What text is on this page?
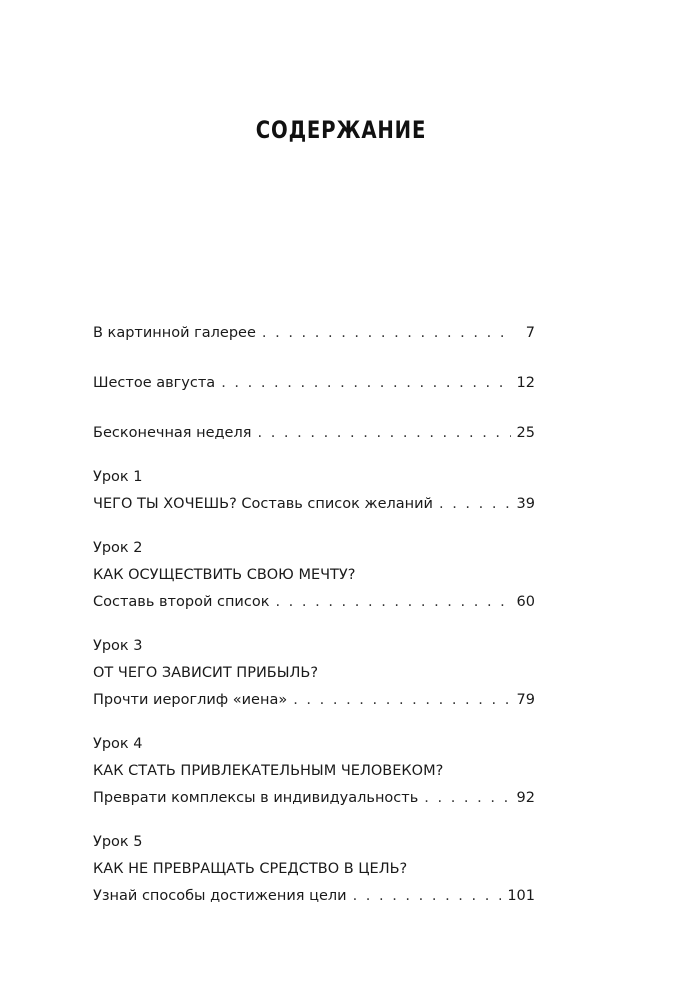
СОДЕРЖАНИЕ
В картинной галерее . . .	7
Шестое августа . . .	12
Бесконечная неделя . . .	25
Урок 1
ЧЕГО ТЫ ХОЧЕШЬ? Составь список желаний . . .	39
Урок 2
КАК ОСУЩЕСТВИТЬ СВОЮ МЕЧТУ?
Составь второй список . . .	60
Урок 3
ОТ ЧЕГО ЗАВИСИТ ПРИБЫЛЬ?
Прочти иероглиф «иена» . . .	79
Урок 4
КАК СТАТЬ ПРИВЛЕКАТЕЛЬНЫМ ЧЕЛОВЕКОМ?
Преврати комплексы в индивидуальность . . .	92
Урок 5
КАК НЕ ПРЕВРАЩАТЬ СРЕДСТВО В ЦЕЛЬ?
Узнай способы достижения цели . . .	101
